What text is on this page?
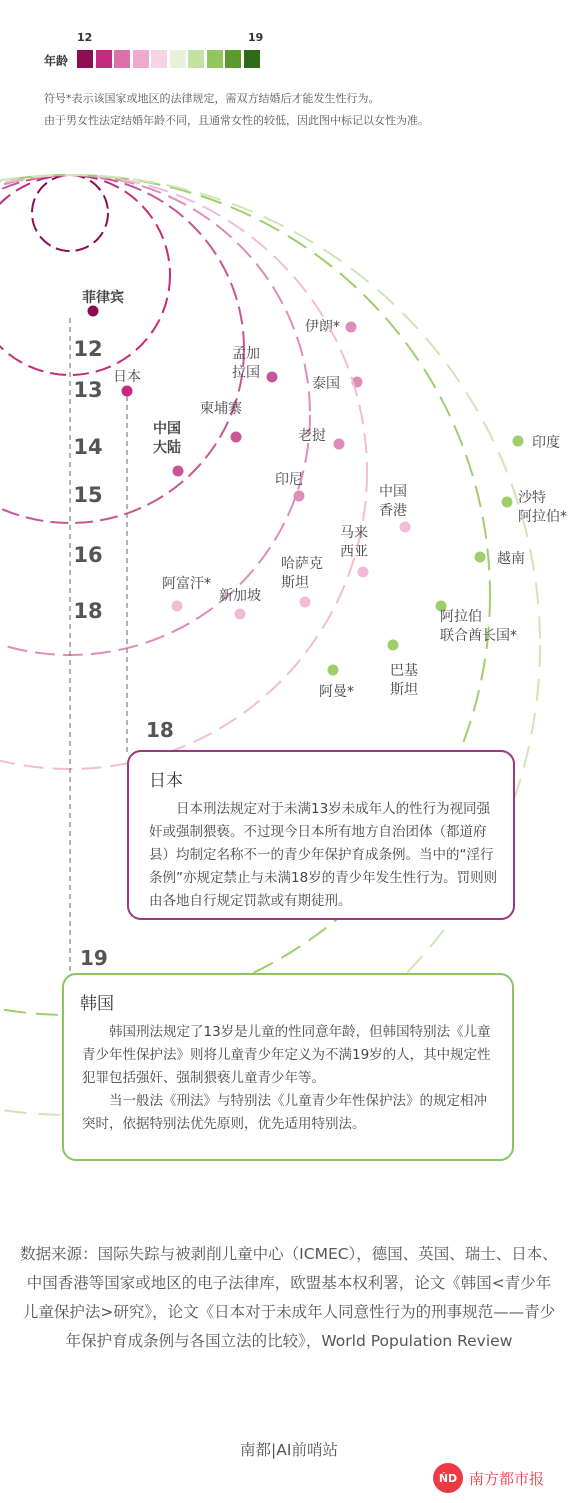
12	19
年龄
符号*表示该国家或地区的法律规定，需双方结婚后才能发生性行为。
由于男女性法定结婚年龄不同，且通常女性的较低，因此图中标记以女性为准。
12
菲律宾
13
日本
14
中国大陆
柬埔寨
孟加拉国
15
印尼
老挝
泰国
伊朗*
16
阿富汗*
新加坡
哈萨克斯坦
马来西亚
中国香港
18
阿曼*
巴基斯坦
阿拉伯联合酋长国*
越南
沙特阿拉伯*
印度
18
日本

日本刑法规定对于未满13岁未成年人的性行为视同强奸或强制猥亵。不过现今日本所有地方自治团体（都道府县）均制定名称不一的青少年保护育成条例。当中的“淫行条例”亦规定禁止与未满18岁的青少年发生性行为。罚则则由各地自行规定罚款或有期徒刑。

19
韩国

韩国刑法规定了13岁是儿童的性同意年龄，但韩国特别法《儿童青少年性保护法》则将儿童青少年定义为不满19岁的人，其中规定性犯罪包括强奸、强制猥亵儿童青少年等。

当一般法《刑法》与特别法《儿童青少年性保护法》的规定相冲突时，依据特别法优先原则，优先适用特别法。

数据来源：国际失踪与被剥削儿童中心（ICMEC），德国、英国、瑞士、日本、中国香港等国家或地区的电子法律库，欧盟基本权利署，论文《韩国<青少年儿童保护法>研究》，论文《日本对于未成年人同意性行为的刑事规范——青少年保护育成条例与各国立法的比较》，World Population Review
南都|AI前哨站
ŃD 南方都市报
